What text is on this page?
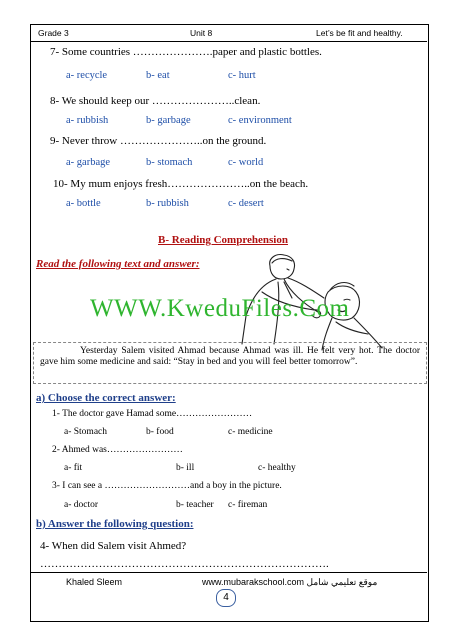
Grade 3	Unit 8	Let’s be fit and healthy.
7- Some countries ………………….paper and plastic bottles.
a- recycle	b- eat	c- hurt
8- We should keep our …………………..clean.
a- rubbish	b- garbage	c- environment
9- Never throw …………………..on the ground.
a- garbage	b- stomach	c- world
10- My mum enjoys fresh…………………..on the beach.
a- bottle	b- rubbish	c- desert
B- Reading Comprehension
Read the following text and answer:
WWW.KweduFiles.Com

Yesterday Salem visited Ahmad because Ahmad was ill. He felt very hot. The doctor gave him some medicine and said: “Stay in bed and you will feel better tomorrow”.

a) Choose the correct answer:
1- The doctor gave Hamad some……………………
a- Stomach	b- food	c- medicine
2- Ahmed was……………………
a- fit	b- ill	c- healthy
3- I can see a ………………………and a boy in the picture.
a- doctor	b- teacher c- fireman
b) Answer the following question:
4- When did Salem visit Ahmed?
…………………………………………………………………….
Khaled Sleem	www.mubarakschool.com موقع تعليمي شامل
4
